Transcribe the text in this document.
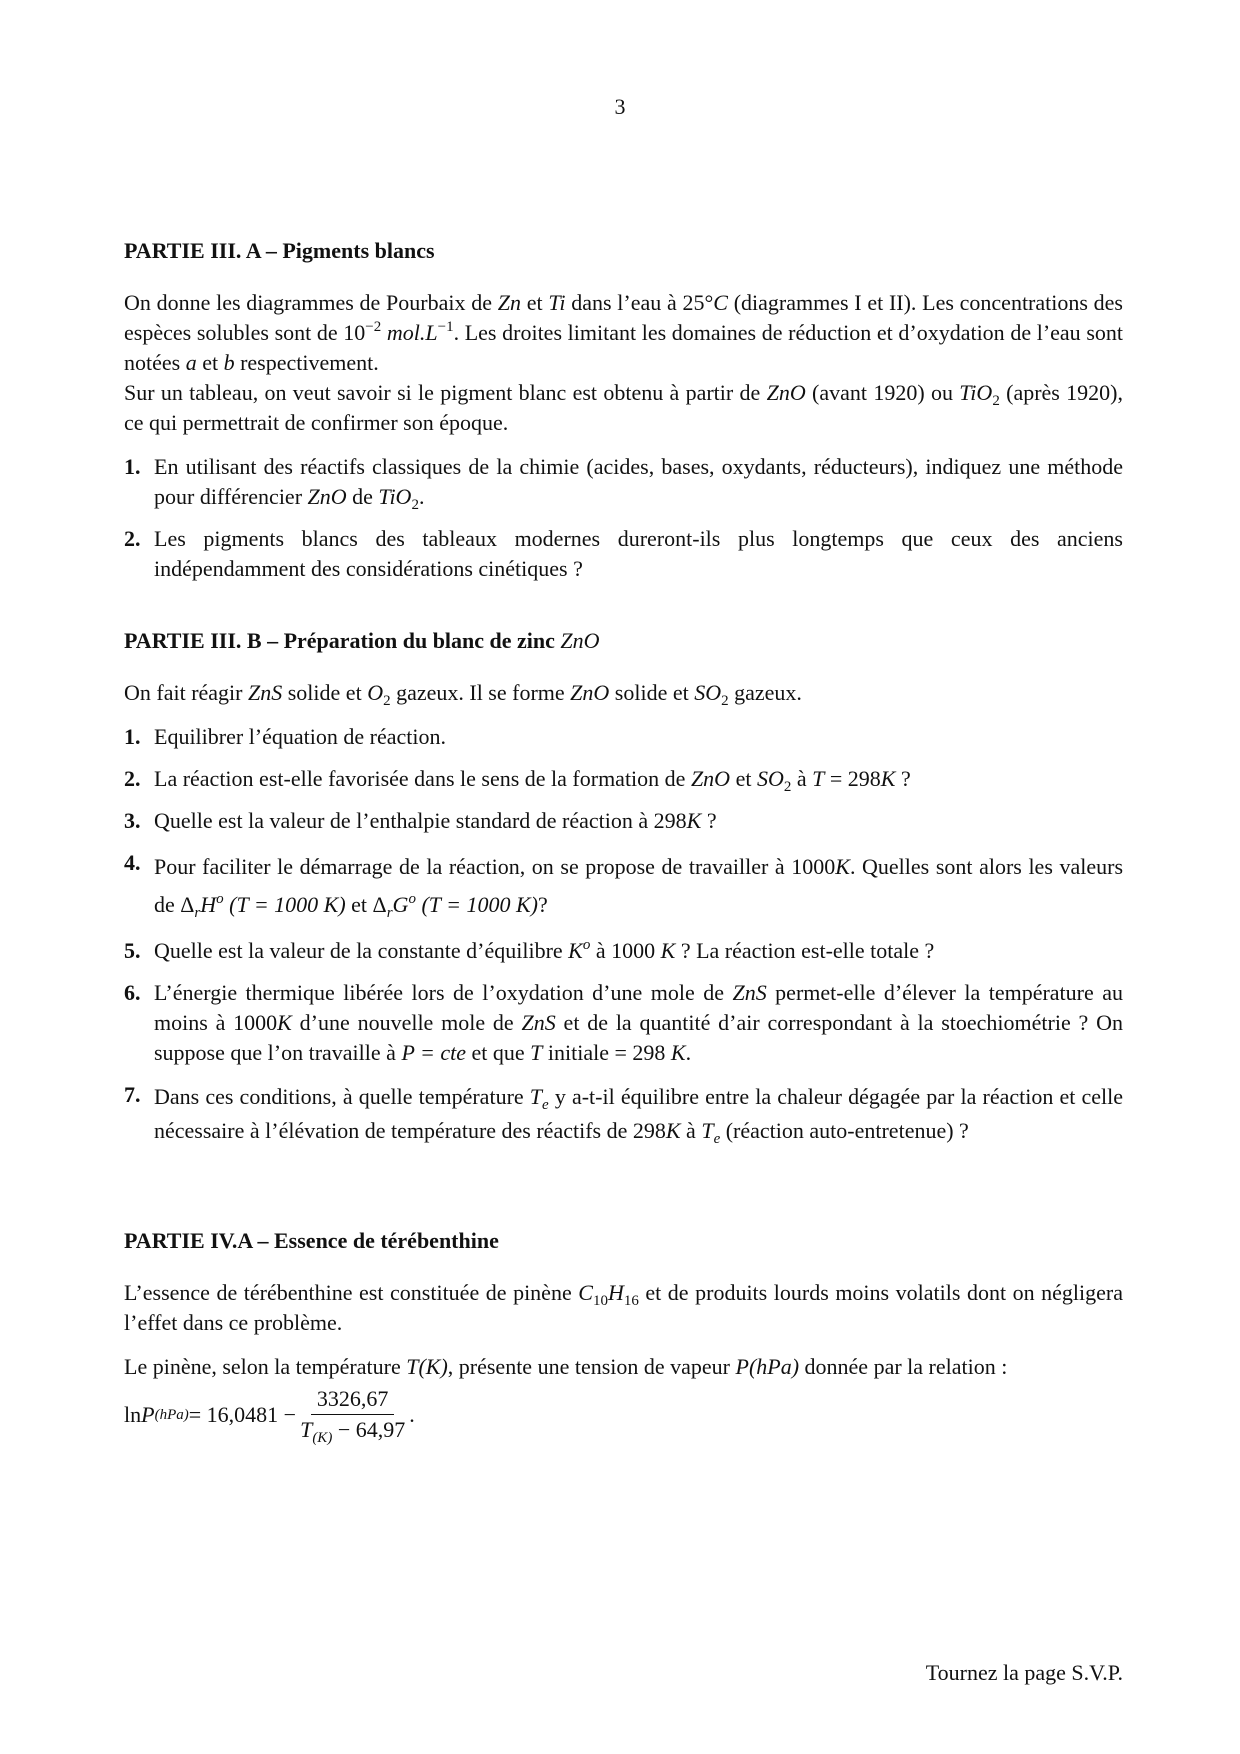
3
PARTIE III. A – Pigments blancs
On donne les diagrammes de Pourbaix de Zn et Ti dans l’eau à 25°C (diagrammes I et II). Les concentrations des espèces solubles sont de $10^{-2}$ $mol.L^{-1}$. Les droites limitant les domaines de réduction et d’oxydation de l’eau sont notées a et b respectivement.
Sur un tableau, on veut savoir si le pigment blanc est obtenu à partir de ZnO (avant 1920) ou TiO$_2$ (après 1920), ce qui permettrait de confirmer son époque.
1. En utilisant des réactifs classiques de la chimie (acides, bases, oxydants, réducteurs), indiquez une méthode pour différencier ZnO de TiO$_2$.
2. Les pigments blancs des tableaux modernes dureront-ils plus longtemps que ceux des anciens indépendamment des considérations cinétiques ?
PARTIE III. B – Préparation du blanc de zinc ZnO
On fait réagir ZnS solide et $O_2$ gazeux. Il se forme ZnO solide et $SO_2$ gazeux.
1. Equilibrer l’équation de réaction.
2. La réaction est-elle favorisée dans le sens de la formation de ZnO et $SO_2$ à T = 298K ?
3. Quelle est la valeur de l’enthalpie standard de réaction à 298K ?
4. Pour faciliter le démarrage de la réaction, on se propose de travailler à 1000K. Quelles sont alors les valeurs de $\Delta_rH^o$ (T = 1000 K) et $\Delta_rG^o$ (T = 1000 K)?
5. Quelle est la valeur de la constante d’équilibre $K^o$ à 1000 K ? La réaction est-elle totale ?
6. L’énergie thermique libérée lors de l’oxydation d’une mole de ZnS permet-elle d’élever la température au moins à 1000K d’une nouvelle mole de ZnS et de la quantité d’air correspondant à la stoechiométrie ? On suppose que l’on travaille à P = cte et que T initiale = 298 K.
7. Dans ces conditions, à quelle température $T_e$ y a-t-il équilibre entre la chaleur dégagée par la réaction et celle nécessaire à l’élévation de température des réactifs de 298K à $T_e$ (réaction auto-entretenue) ?
PARTIE IV.A – Essence de térébenthine
L’essence de térébenthine est constituée de pinène $C_{10}H_{16}$ et de produits lourds moins volatils dont on négligera l’effet dans ce problème.
Le pinène, selon la température T(K), présente une tension de vapeur P(hPa) donnée par la relation :
ln P $(hPa) = 16,0481 - \frac{3326,67}{T_{(K)} - 64,97}$ .
Tournez la page S.V.P.
